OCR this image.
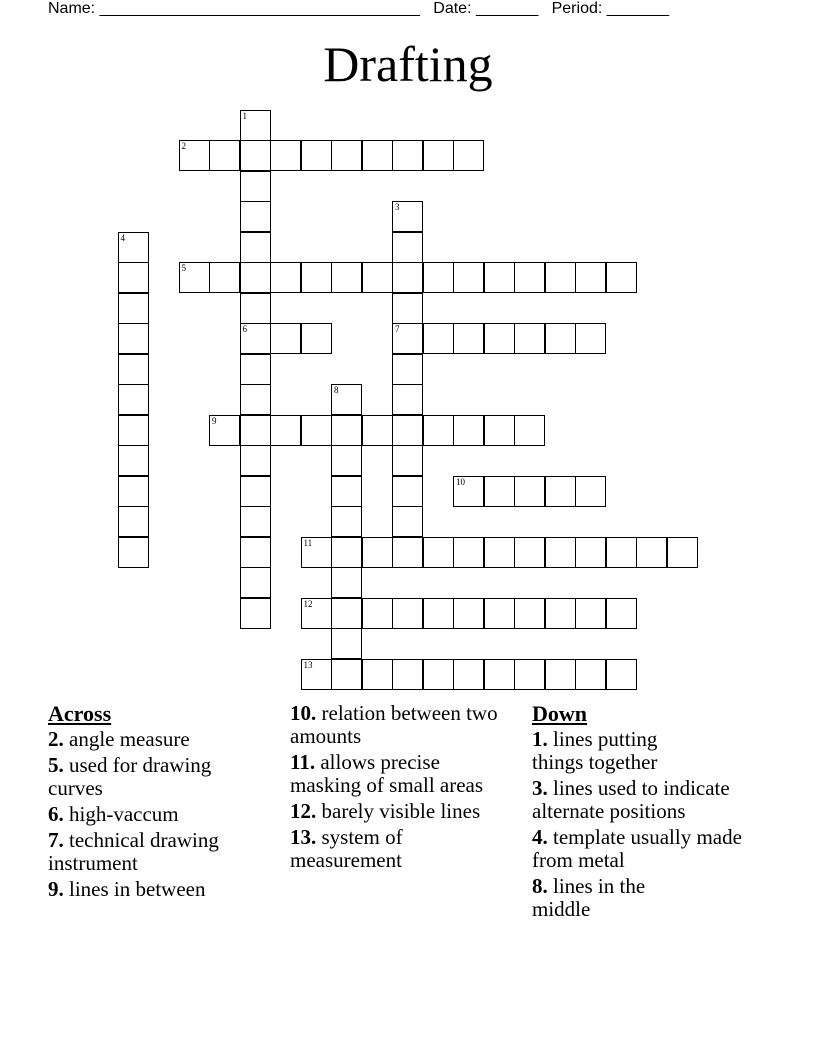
Name: ____________________________________ Date: _______ Period: _______
Drafting
1
6
2
3
7
4
5
8
9
10
11
12
13
Across
2. angle measure
5. used for drawing curves
6. high-vaccum
7. technical drawing instrument
9. lines in between
10. relation between two amounts
11. allows precise masking of small areas
12. barely visible lines
13. system of measurement
Down
1. lines putting things together
3. lines used to indicate alternate positions
4. template usually made from metal
8. lines in the middle
